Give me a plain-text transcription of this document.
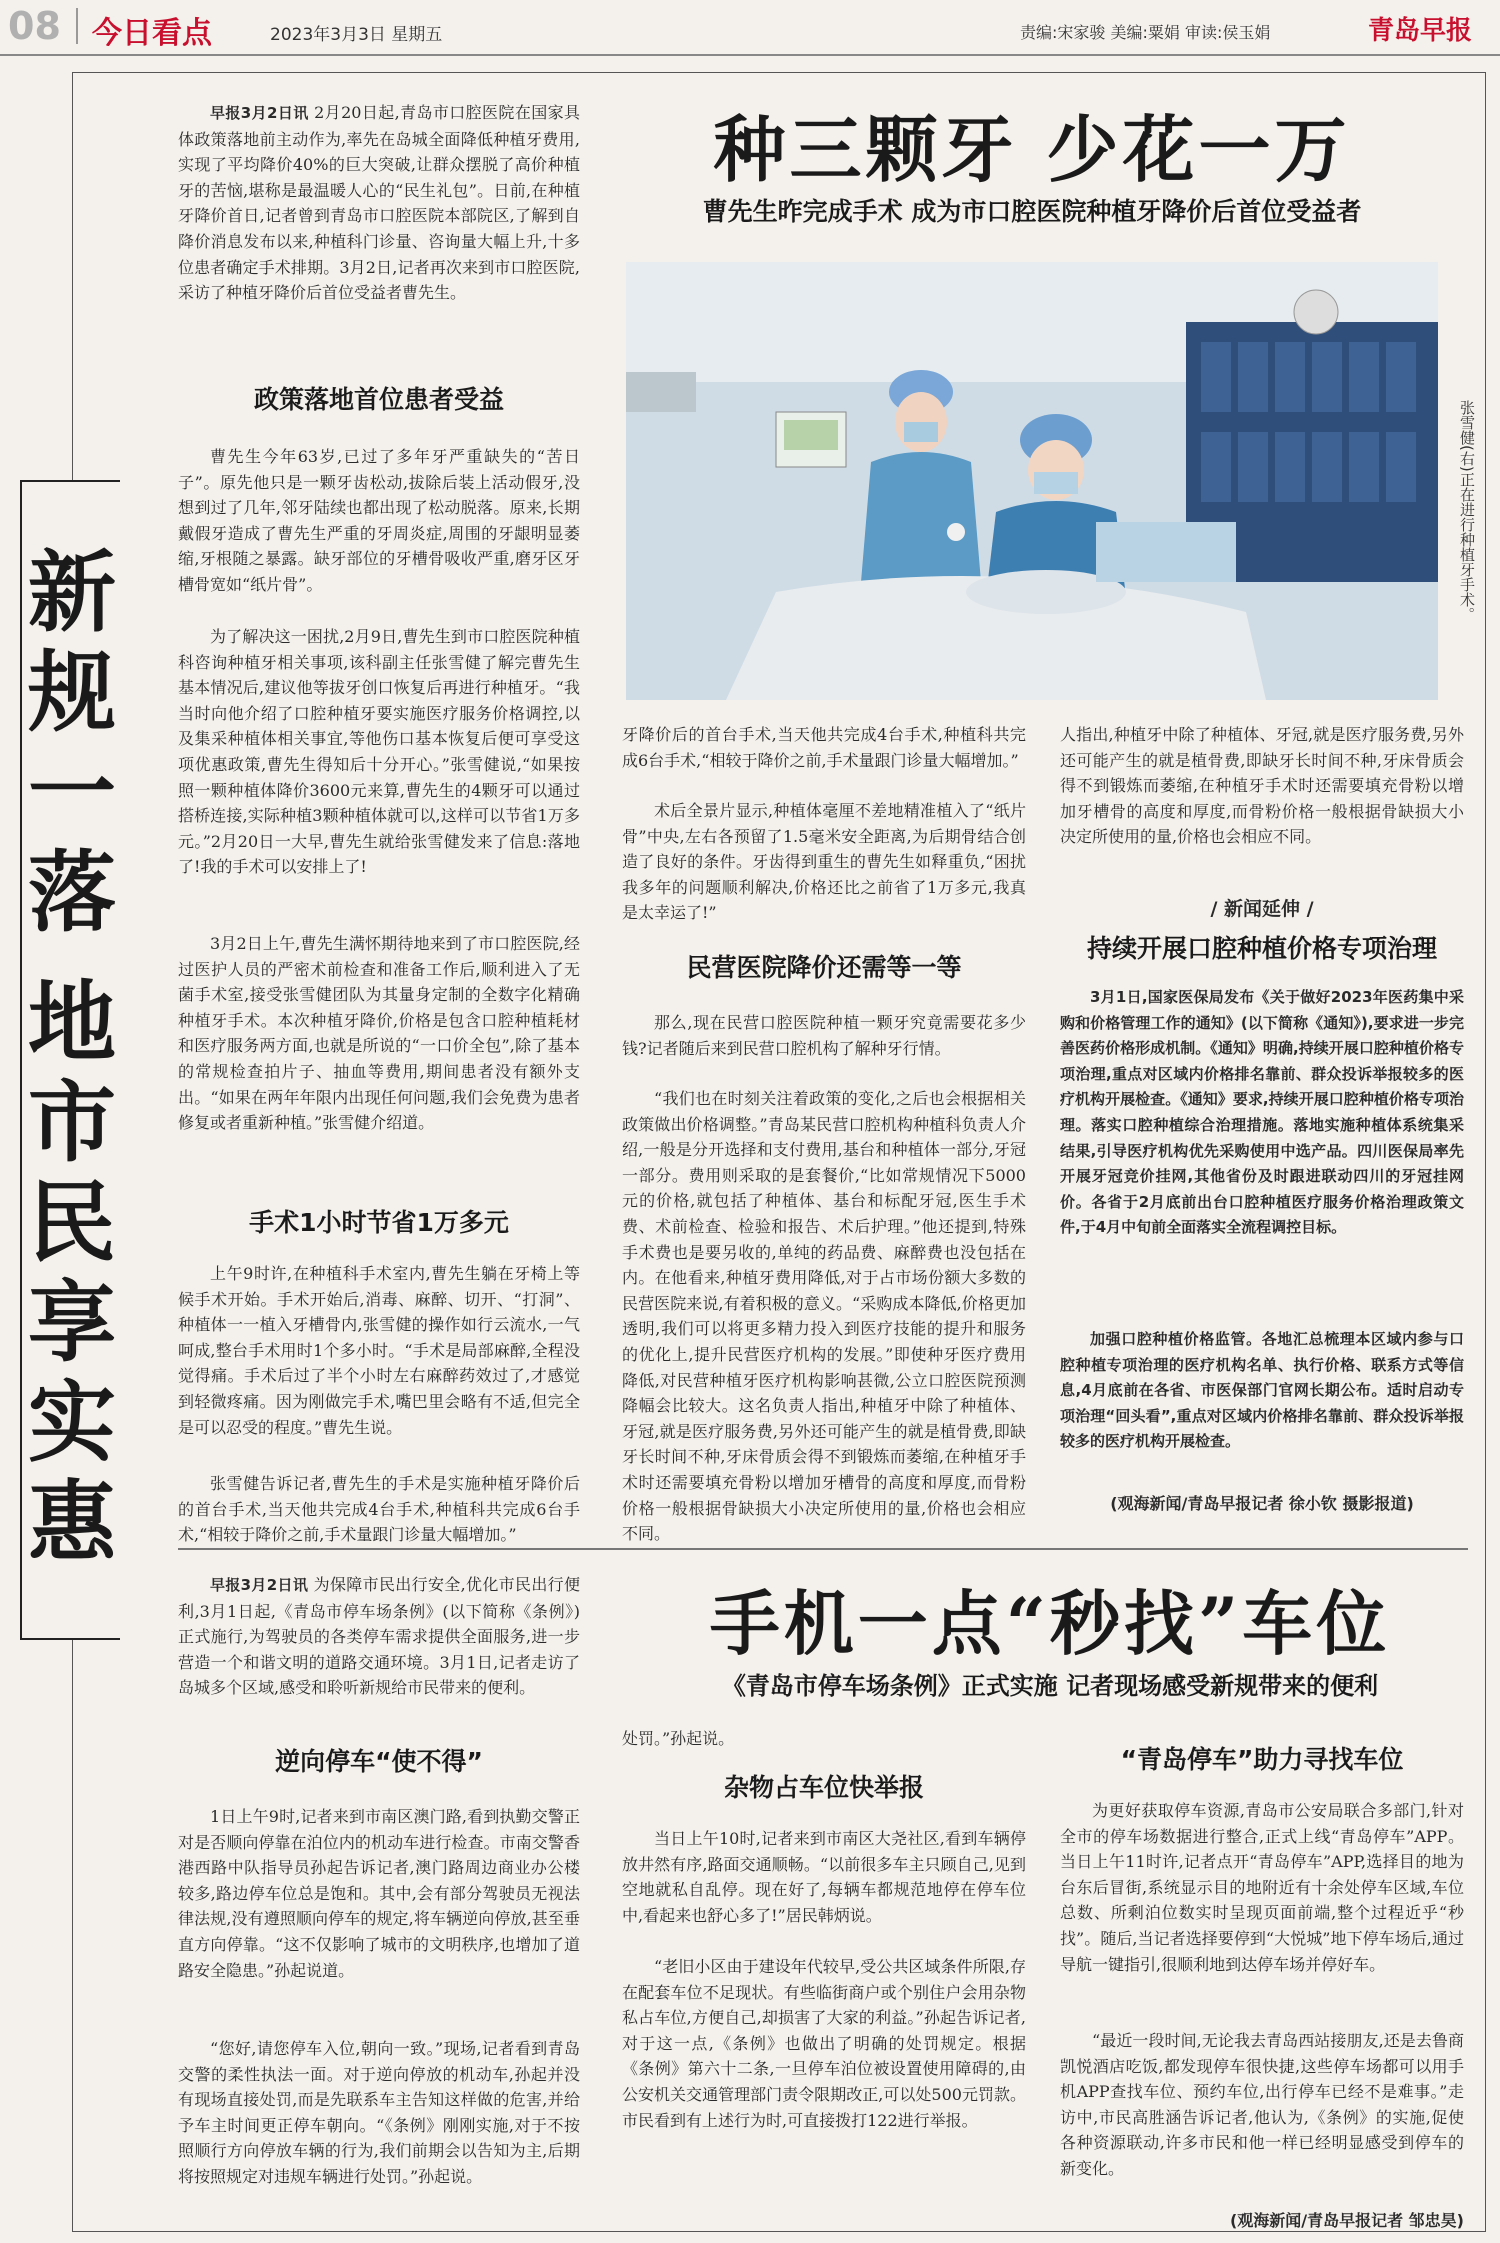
08 今日看点	2023年3月3日 星期五	责编:宋家骏 美编:粟娟 审读:侯玉娟	青岛早报
新
规
一
落
地
市
民
享
实
惠
种三颗牙 少花一万
曹先生昨完成手术 成为市口腔医院种植牙降价后首位受益者
张雪健(右)正在进行种植牙手术。

早报3月2日讯 2月20日起,青岛市口腔医院在国家具体政策落地前主动作为,率先在岛城全面降低种植牙费用,实现了平均降价40%的巨大突破,让群众摆脱了高价种植牙的苦恼,堪称是最温暖人心的“民生礼包”。日前,在种植牙降价首日,记者曾到青岛市口腔医院本部院区,了解到自降价消息发布以来,种植科门诊量、咨询量大幅上升,十多位患者确定手术排期。3月2日,记者再次来到市口腔医院,采访了种植牙降价后首位受益者曹先生。

政策落地首位患者受益

曹先生今年63岁,已过了多年牙严重缺失的“苦日子”。原先他只是一颗牙齿松动,拔除后装上活动假牙,没想到过了几年,邻牙陆续也都出现了松动脱落。原来,长期戴假牙造成了曹先生严重的牙周炎症,周围的牙龈明显萎缩,牙根随之暴露。缺牙部位的牙槽骨吸收严重,磨牙区牙槽骨宽如“纸片骨”。

为了解决这一困扰,2月9日,曹先生到市口腔医院种植科咨询种植牙相关事项,该科副主任张雪健了解完曹先生基本情况后,建议他等拔牙创口恢复后再进行种植牙。“我当时向他介绍了口腔种植牙要实施医疗服务价格调控,以及集采种植体相关事宜,等他伤口基本恢复后便可享受这项优惠政策,曹先生得知后十分开心。”张雪健说,“如果按照一颗种植体降价3600元来算,曹先生的4颗牙可以通过搭桥连接,实际种植3颗种植体就可以,这样可以节省1万多元。”2月20日一大早,曹先生就给张雪健发来了信息:落地了!我的手术可以安排上了!

3月2日上午,曹先生满怀期待地来到了市口腔医院,经过医护人员的严密术前检查和准备工作后,顺利进入了无菌手术室,接受张雪健团队为其量身定制的全数字化精确种植牙手术。本次种植牙降价,价格是包含口腔种植耗材和医疗服务两方面,也就是所说的“一口价全包”,除了基本的常规检查拍片子、抽血等费用,期间患者没有额外支出。“如果在两年年限内出现任何问题,我们会免费为患者修复或者重新种植。”张雪健介绍道。

手术1小时节省1万多元

上午9时许,在种植科手术室内,曹先生躺在牙椅上等候手术开始。手术开始后,消毒、麻醉、切开、“打洞”、种植体一一植入牙槽骨内,张雪健的操作如行云流水,一气呵成,整台手术用时1个多小时。“手术是局部麻醉,全程没觉得痛。手术后过了半个小时左右麻醉药效过了,才感觉到轻微疼痛。因为刚做完手术,嘴巴里会略有不适,但完全是可以忍受的程度。”曹先生说。

张雪健告诉记者,曹先生的手术是实施种植牙降价后的首台手术,当天他共完成4台手术,种植科共完成6台手术,“相较于降价之前,手术量跟门诊量大幅增加。”

牙降价后的首台手术,当天他共完成4台手术,种植科共完成6台手术,“相较于降价之前,手术量跟门诊量大幅增加。”

术后全景片显示,种植体毫厘不差地精准植入了“纸片骨”中央,左右各预留了1.5毫米安全距离,为后期骨结合创造了良好的条件。牙齿得到重生的曹先生如释重负,“困扰我多年的问题顺利解决,价格还比之前省了1万多元,我真是太幸运了!”

民营医院降价还需等一等

那么,现在民营口腔医院种植一颗牙究竟需要花多少钱?记者随后来到民营口腔机构了解种牙行情。

“我们也在时刻关注着政策的变化,之后也会根据相关政策做出价格调整。”青岛某民营口腔机构种植科负责人介绍,一般是分开选择和支付费用,基台和种植体一部分,牙冠一部分。费用则采取的是套餐价,“比如常规情况下5000元的价格,就包括了种植体、基台和标配牙冠,医生手术费、术前检查、检验和报告、术后护理。”他还提到,特殊手术费也是要另收的,单纯的药品费、麻醉费也没包括在内。在他看来,种植牙费用降低,对于占市场份额大多数的民营医院来说,有着积极的意义。“采购成本降低,价格更加透明,我们可以将更多精力投入到医疗技能的提升和服务的优化上,提升民营医疗机构的发展。”即使种牙医疗费用降低,对民营种植牙医疗机构影响甚微,公立口腔医院预测降幅会比较大。这名负责人指出,种植牙中除了种植体、牙冠,就是医疗服务费,另外还可能产生的就是植骨费,即缺牙长时间不种,牙床骨质会得不到锻炼而萎缩,在种植牙手术时还需要填充骨粉以增加牙槽骨的高度和厚度,而骨粉价格一般根据骨缺损大小决定所使用的量,价格也会相应不同。

人指出,种植牙中除了种植体、牙冠,就是医疗服务费,另外还可能产生的就是植骨费,即缺牙长时间不种,牙床骨质会得不到锻炼而萎缩,在种植牙手术时还需要填充骨粉以增加牙槽骨的高度和厚度,而骨粉价格一般根据骨缺损大小决定所使用的量,价格也会相应不同。

/ 新闻延伸 /
持续开展口腔种植价格专项治理

3月1日,国家医保局发布《关于做好2023年医药集中采购和价格管理工作的通知》(以下简称《通知》),要求进一步完善医药价格形成机制。《通知》明确,持续开展口腔种植价格专项治理,重点对区域内价格排名靠前、群众投诉举报较多的医疗机构开展检查。《通知》要求,持续开展口腔种植价格专项治理。落实口腔种植综合治理措施。落地实施种植体系统集采结果,引导医疗机构优先采购使用中选产品。四川医保局率先开展牙冠竞价挂网,其他省份及时跟进联动四川的牙冠挂网价。各省于2月底前出台口腔种植医疗服务价格治理政策文件,于4月中旬前全面落实全流程调控目标。

加强口腔种植价格监管。各地汇总梳理本区域内参与口腔种植专项治理的医疗机构名单、执行价格、联系方式等信息,4月底前在各省、市医保部门官网长期公布。适时启动专项治理“回头看”,重点对区域内价格排名靠前、群众投诉举报较多的医疗机构开展检查。

(观海新闻/青岛早报记者 徐小钦 摄影报道)
手机一点“秒找”车位
《青岛市停车场条例》正式实施 记者现场感受新规带来的便利

早报3月2日讯 为保障市民出行安全,优化市民出行便利,3月1日起,《青岛市停车场条例》(以下简称《条例》)正式施行,为驾驶员的各类停车需求提供全面服务,进一步营造一个和谐文明的道路交通环境。3月1日,记者走访了岛城多个区域,感受和聆听新规给市民带来的便利。

逆向停车“使不得”

1日上午9时,记者来到市南区澳门路,看到执勤交警正对是否顺向停靠在泊位内的机动车进行检查。市南交警香港西路中队指导员孙起告诉记者,澳门路周边商业办公楼较多,路边停车位总是饱和。其中,会有部分驾驶员无视法律法规,没有遵照顺向停车的规定,将车辆逆向停放,甚至垂直方向停靠。“这不仅影响了城市的文明秩序,也增加了道路安全隐患。”孙起说道。

“您好,请您停车入位,朝向一致。”现场,记者看到青岛交警的柔性执法一面。对于逆向停放的机动车,孙起并没有现场直接处罚,而是先联系车主告知这样做的危害,并给予车主时间更正停车朝向。“《条例》刚刚实施,对于不按照顺行方向停放车辆的行为,我们前期会以告知为主,后期将按照规定对违规车辆进行处罚。”孙起说。

处罚。”孙起说。

杂物占车位快举报

当日上午10时,记者来到市南区大尧社区,看到车辆停放井然有序,路面交通顺畅。“以前很多车主只顾自己,见到空地就私自乱停。现在好了,每辆车都规范地停在停车位中,看起来也舒心多了!”居民韩炳说。

“老旧小区由于建设年代较早,受公共区域条件所限,存在配套车位不足现状。有些临街商户或个别住户会用杂物私占车位,方便自己,却损害了大家的利益。”孙起告诉记者,对于这一点,《条例》也做出了明确的处罚规定。根据《条例》第六十二条,一旦停车泊位被设置使用障碍的,由公安机关交通管理部门责令限期改正,可以处500元罚款。市民看到有上述行为时,可直接拨打122进行举报。

“青岛停车”助力寻找车位

为更好获取停车资源,青岛市公安局联合多部门,针对全市的停车场数据进行整合,正式上线“青岛停车”APP。当日上午11时许,记者点开“青岛停车”APP,选择目的地为台东后冒街,系统显示目的地附近有十余处停车区域,车位总数、所剩泊位数实时呈现页面前端,整个过程近乎“秒找”。随后,当记者选择要停到“大悦城”地下停车场后,通过导航一键指引,很顺利地到达停车场并停好车。

“最近一段时间,无论我去青岛西站接朋友,还是去鲁商凯悦酒店吃饭,都发现停车很快捷,这些停车场都可以用手机APP查找车位、预约车位,出行停车已经不是难事。”走访中,市民高胜涵告诉记者,他认为,《条例》的实施,促使各种资源联动,许多市民和他一样已经明显感受到停车的新变化。

(观海新闻/青岛早报记者 邹忠昊)
